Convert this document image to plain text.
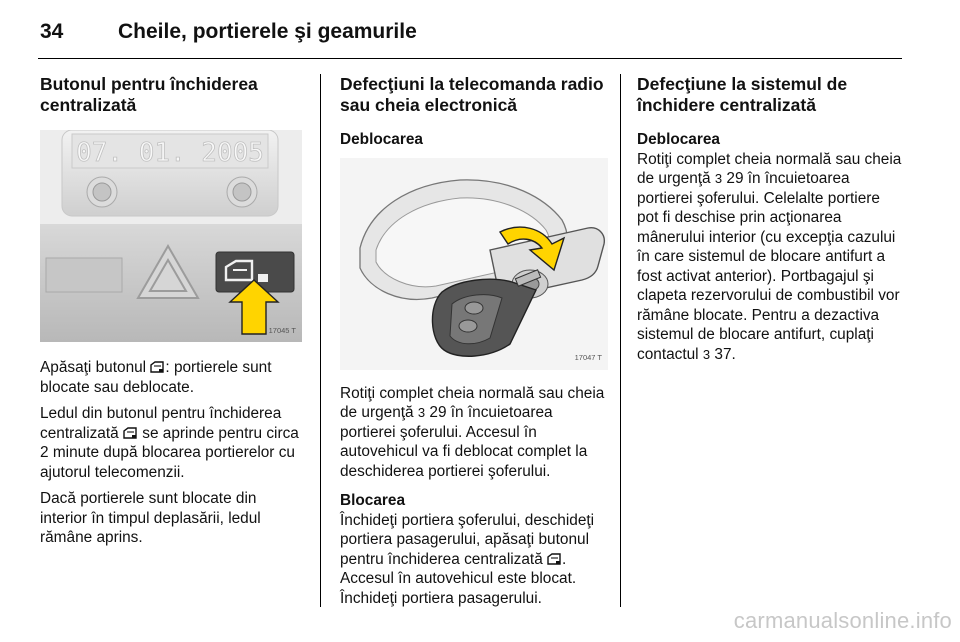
34	Cheile, portierele şi geamurile
Butonul pentru închiderea centralizată
07. 01. 2005
17045 T

Apăsaţi butonul : portierele sunt blocate sau deblocate.

Ledul din butonul pentru închiderea centralizată  se aprinde pentru circa 2 minute după blocarea portierelor cu ajutorul telecomenzii.

Dacă portierele sunt blocate din interior în timpul deplasării, ledul rămâne aprins.

Defecţiuni la telecomanda radio sau cheia electronică
Deblocarea
17047 T

Rotiţi complet cheia normală sau cheia de urgenţă 3 29 în încuietoarea portierei şoferului. Accesul în autovehicul va fi deblocat complet la deschiderea portierei şoferului.

Blocarea

Închideţi portiera şoferului, deschideţi portiera pasagerului, apăsaţi butonul pentru închiderea centralizată . Accesul în autovehicul este blocat. Închideţi portiera pasagerului.

Defecţiune la sistemul de închidere centralizată
Deblocarea

Rotiţi complet cheia normală sau cheia de urgenţă 3 29 în încuietoarea portierei şoferului. Celelalte portiere pot fi deschise prin acţionarea mânerului interior (cu excepţia cazului în care sistemul de blocare antifurt a fost activat anterior). Portbagajul şi clapeta rezervorului de combustibil vor rămâne blocate. Pentru a dezactiva sistemul de blocare antifurt, cuplaţi contactul 3 37.

carmanualsonline.info
